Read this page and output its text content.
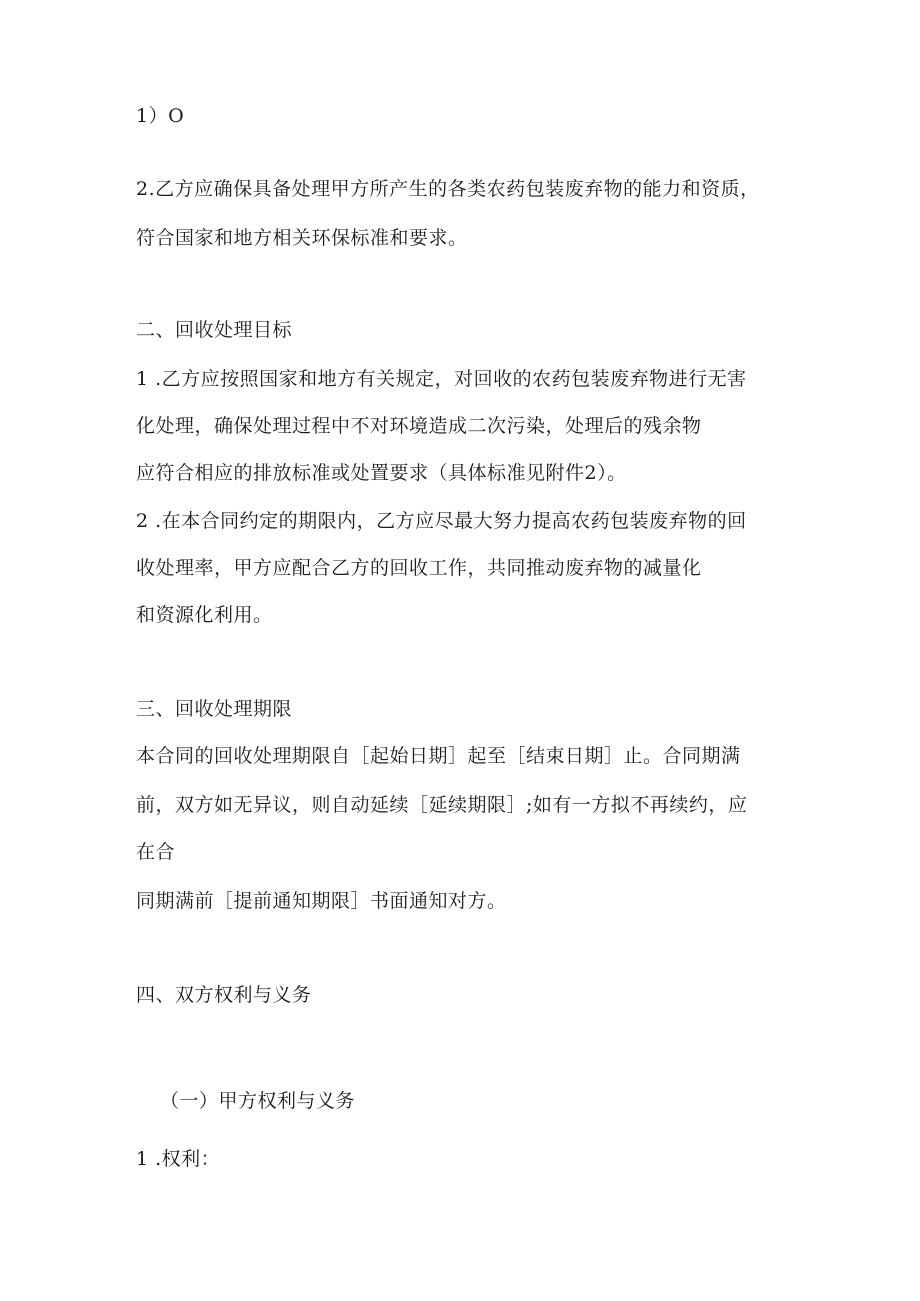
1）O
2.乙方应确保具备处理甲方所产生的各类农药包装废弃物的能力和资质，
符合国家和地方相关环保标准和要求。
二、回收处理目标
1 .乙方应按照国家和地方有关规定，对回收的农药包装废弃物进行无害
化处理，确保处理过程中不对环境造成二次污染，处理后的残余物
应符合相应的排放标准或处置要求（具体标准见附件2）。
2 .在本合同约定的期限内，乙方应尽最大努力提高农药包装废弃物的回
收处理率，甲方应配合乙方的回收工作，共同推动废弃物的减量化
和资源化利用。
三、回收处理期限
本合同的回收处理期限自［起始日期］起至［结束日期］止。合同期满
前，双方如无异议，则自动延续［延续期限］;如有一方拟不再续约，应
在合
同期满前［提前通知期限］书面通知对方。
四、双方权利与义务
（一）甲方权利与义务
1 .权利：
